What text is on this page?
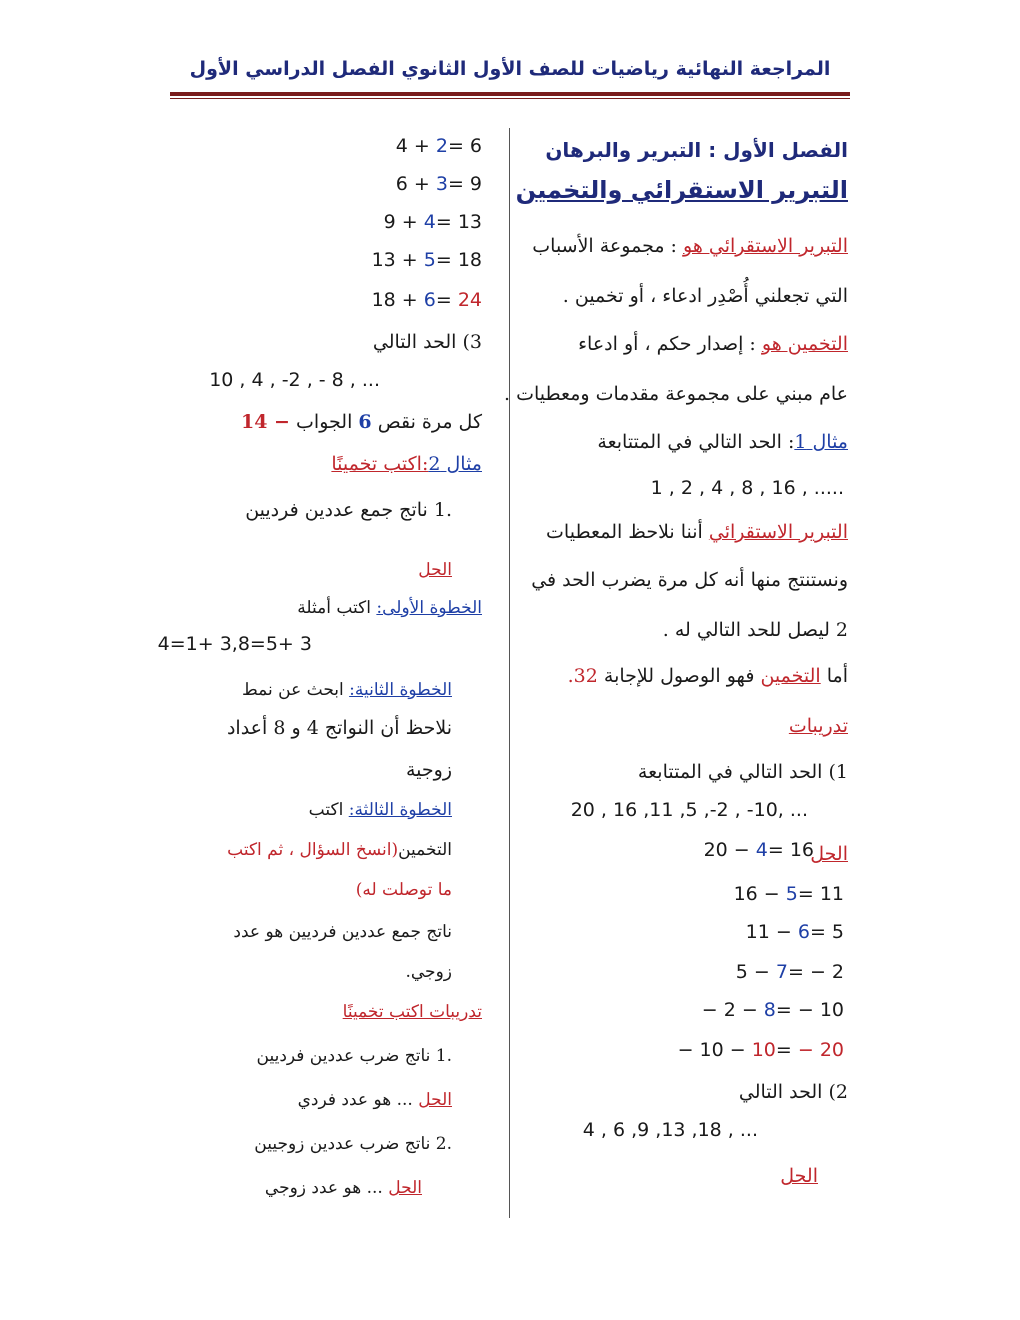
المراجعة النهائية رياضيات للصف الأول الثانوي الفصل الدراسي الأول
الفصل الأول : التبرير والبرهان
التبرير الاستقرائي والتخمين
التبرير الاستقرائي هو : مجموعة الأسباب
التي تجعلني أُصْدِر ادعاء ، أو تخمين .
التخمين هو : إصدار حكم ، أو ادعاء
عام مبني على مجموعة مقدمات ومعطيات .
مثال 1: الحد التالي في المتتابعة
1 , 2 , 4 , 8 , 16 , .....
التبرير الاستقرائي أننا نلاحظ المعطيات
ونستنتج منها أنه كل مرة يضرب الحد في
2 ليصل للحد التالي له .
أما التخمين فهو الوصول للإجابة 32.
تدريبات
1) الحد التالي في المتتابعة
20 , 16 ,11 ,5 ,-2 , -10, ...
الحل
20 − 4= 16
16 − 5= 11
11 − 6= 5
5 − 7= − 2
− 2 − 8= − 10
− 10 − 10= − 20
2) الحد التالي
4 , 6 ,9 ,13 ,18 , ...
الحل
4 + 2= 6
6 + 3= 9
9 + 4= 13
13 + 5= 18
18 + 6= 24
3) الحد التالي
10 , 4 , -2 , - 8 , ...
كل مرة نقص 6 الجواب − 14
مثال 2:اكتب تخمينًا
.1 ناتج جمع عددين فرديين
الحل
الخطوة الأولى: اكتب أمثلة
4=1+ 3,8=5+ 3
الخطوة الثانية: ابحث عن نمط
نلاحظ أن النواتج 4 و 8 أعداد
زوجية
الخطوة الثالثة: اكتب
التخمين(انسخ السؤال ، ثم اكتب
ما توصلت له)
ناتج جمع عددين فرديين هو عدد
زوجي.
تدريبات اكتب تخمينًا
.1 ناتج ضرب عددين فرديين
الحل ... هو عدد فردي
.2 ناتج ضرب عددين زوجيين
الحل ... هو عدد زوجي
